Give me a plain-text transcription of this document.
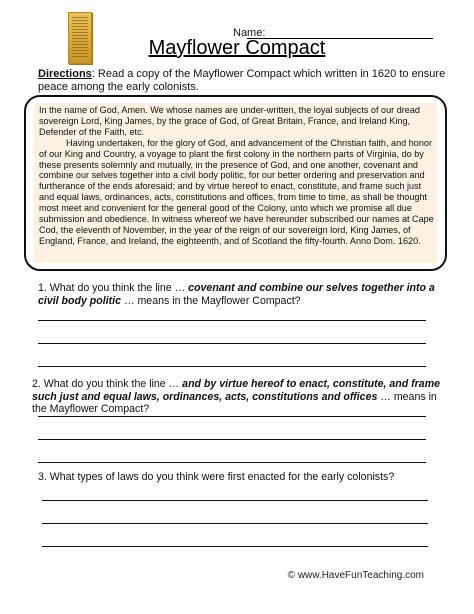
Name:
Mayflower Compact
Directions: Read a copy of the Mayflower Compact which written in 1620 to ensure peace among the early colonists.

In the name of God, Amen. We whose names are under-written, the loyal subjects of our dread sovereign Lord, King James, by the grace of God, of Great Britain, France, and Ireland King, Defender of the Faith, etc.

Having undertaken, for the glory of God, and advancement of the Christian faith, and honor of our King and Country, a voyage to plant the first colony in the northern parts of Virginia, do by these presents solemnly and mutually, in the presence of God, and one another, covenant and combine our selves together into a civil body politic, for our better ordering and preservation and furtherance of the ends aforesaid; and by virtue hereof to enact, constitute, and frame such just and equal laws, ordinances, acts, constitutions and offices, from time to time, as shall be thought most meet and convenient for the general good of the Colony, unto which we promise all due submission and obedience. In witness whereof we have hereunder subscribed our names at Cape Cod, the eleventh of November, in the year of the reign of our sovereign lord, King James, of England, France, and Ireland, the eighteenth, and of Scotland the fifty-fourth. Anno Dom. 1620.

1. What do you think the line … covenant and combine our selves together into a civil body politic … means in the Mayflower Compact?
2. What do you think the line … and by virtue hereof to enact, constitute, and frame such just and equal laws, ordinances, acts, constitutions and offices … means in the Mayflower Compact?
3. What types of laws do you think were first enacted for the early colonists?
© www.HaveFunTeaching.com
